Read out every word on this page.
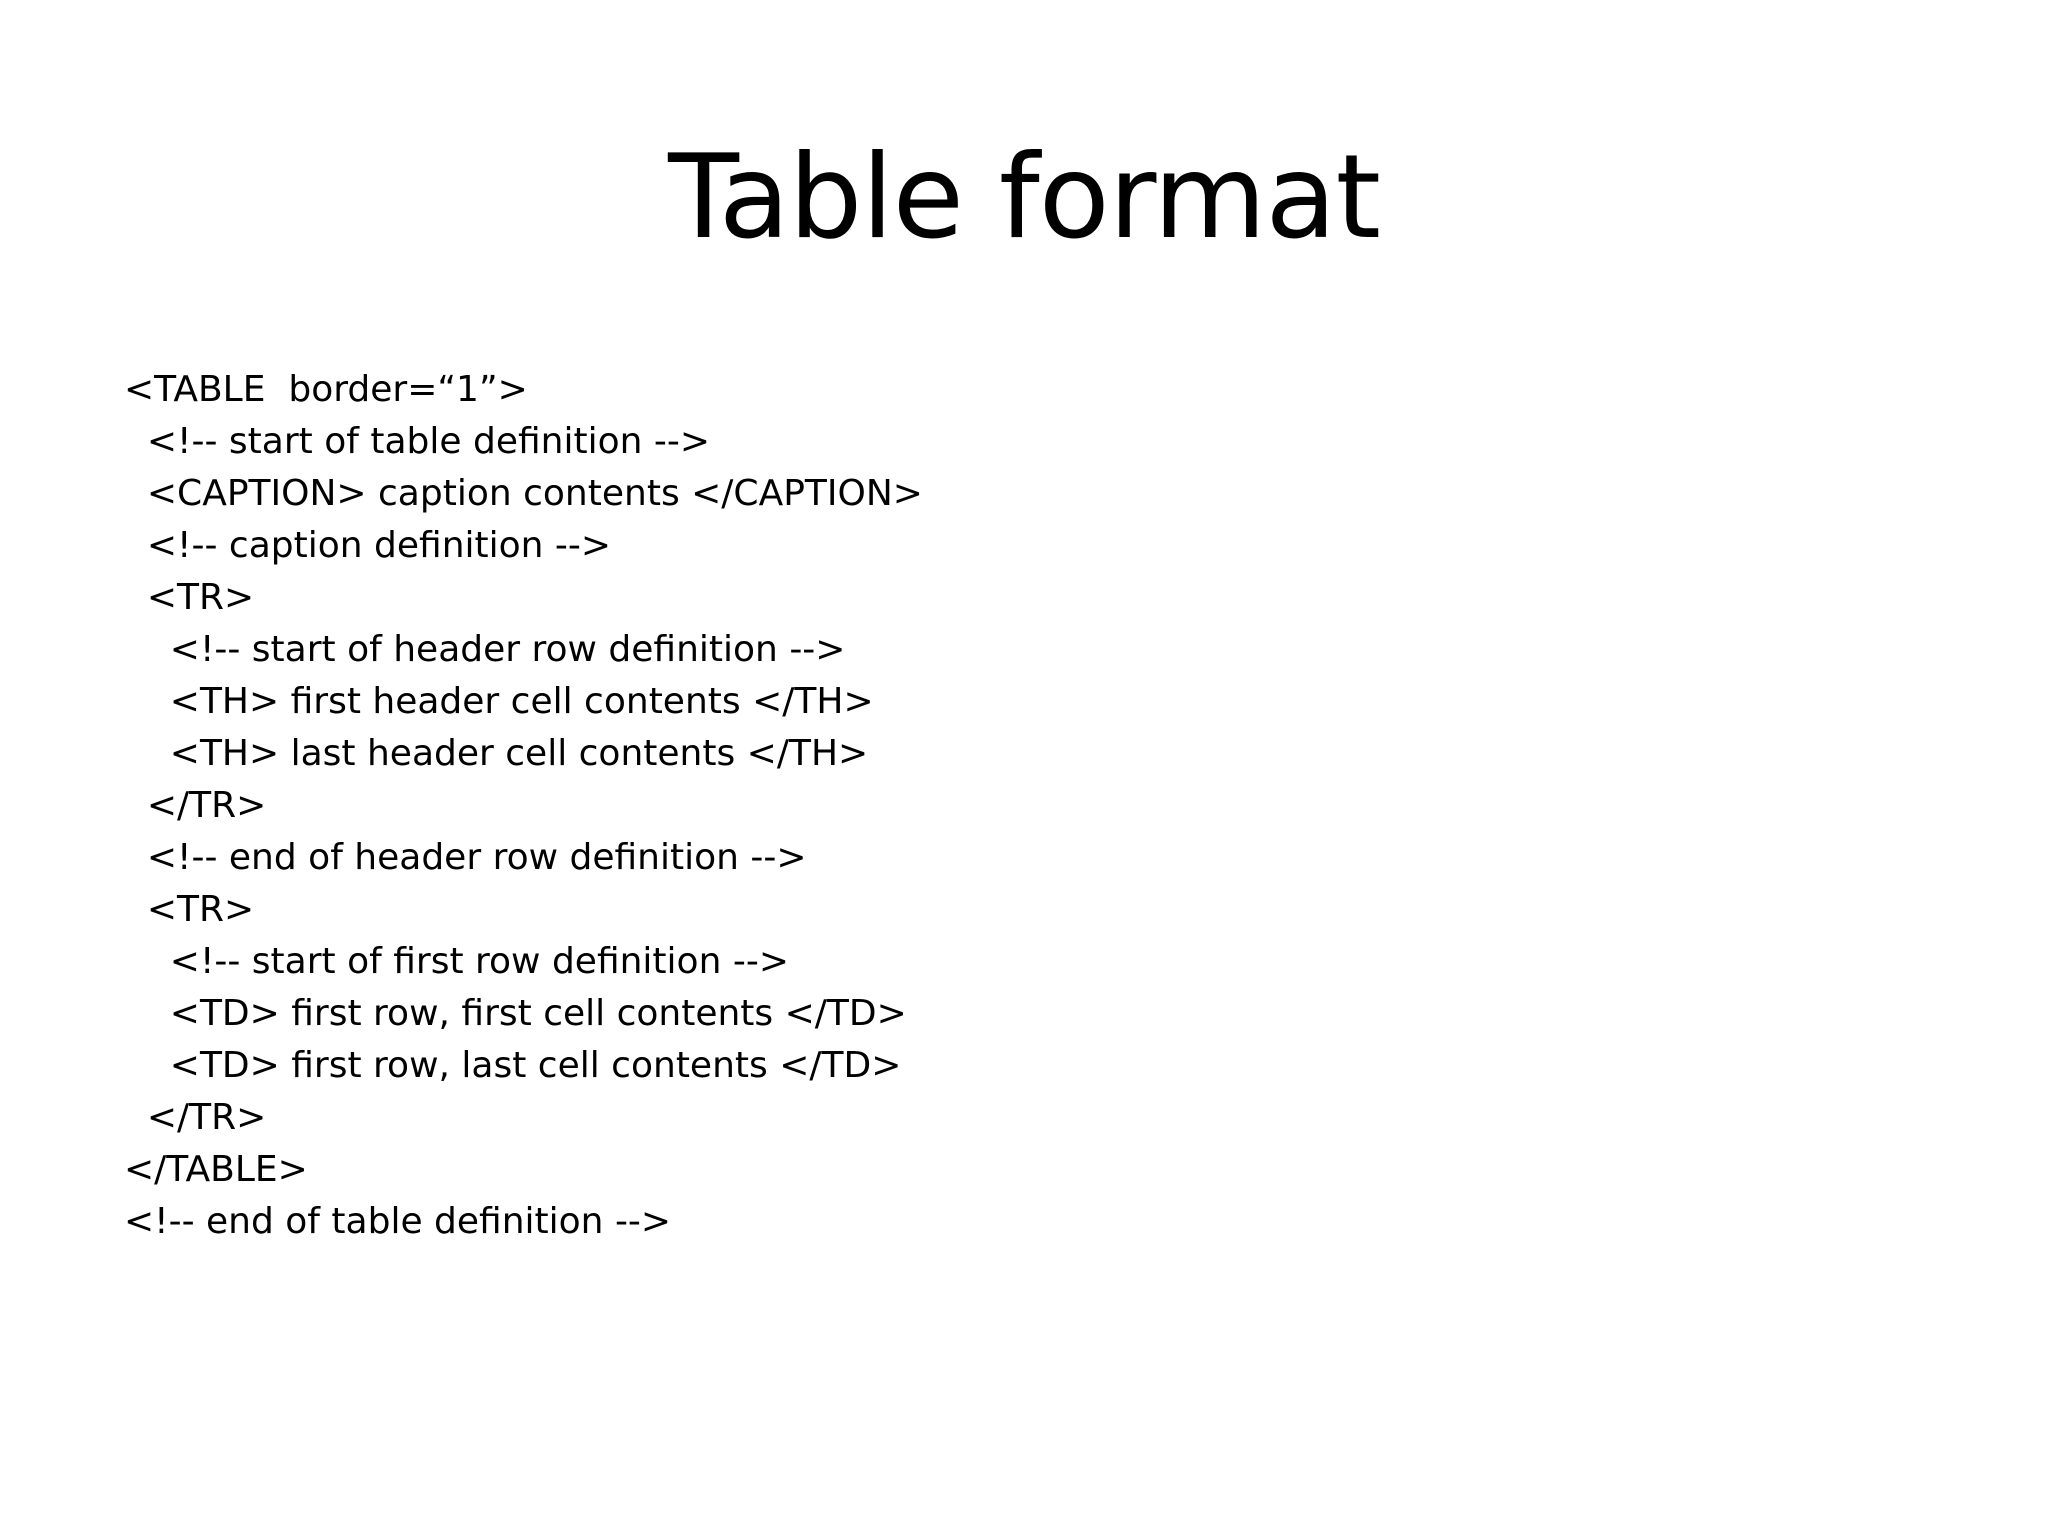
Table format
<TABLE  border=“1”>
<!-- start of table definition -->
<CAPTION> caption contents </CAPTION>
<!-- caption definition -->
<TR>
<!-- start of header row definition -->
<TH> first header cell contents </TH>
<TH> last header cell contents </TH>
</TR>
<!-- end of header row definition -->
<TR>
<!-- start of first row definition -->
<TD> first row, first cell contents </TD>
<TD> first row, last cell contents </TD>
</TR>
</TABLE>
<!-- end of table definition -->
